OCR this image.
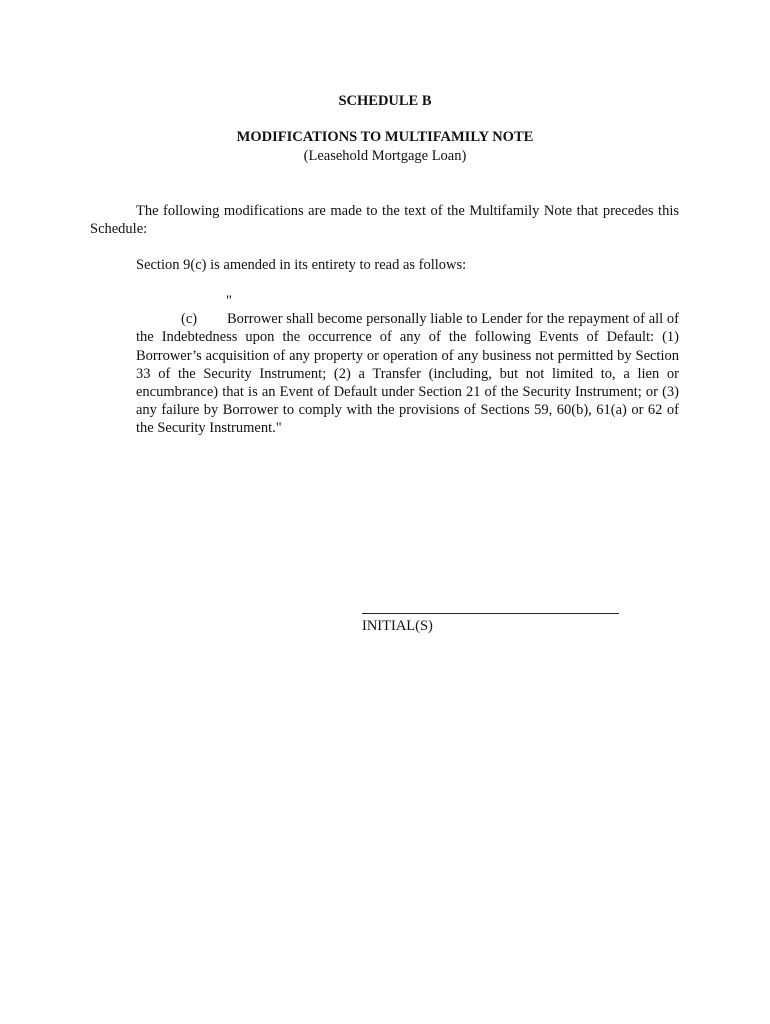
SCHEDULE B
MODIFICATIONS TO MULTIFAMILY NOTE
(Leasehold Mortgage Loan)

The following modifications are made to the text of the Multifamily Note that precedes this Schedule:

Section 9(c) is amended in its entirety to read as follows:

"(c) Borrower shall become personally liable to Lender for the repayment of all of the Indebtedness upon the occurrence of any of the following Events of Default: (1) Borrower’s acquisition of any property or operation of any business not permitted by Section 33 of the Security Instrument; (2) a Transfer (including, but not limited to, a lien or encumbrance) that is an Event of Default under Section 21 of the Security Instrument; or (3) any failure by Borrower to comply with the provisions of Sections 59, 60(b), 61(a) or 62 of the Security Instrument."

INITIAL(S)
